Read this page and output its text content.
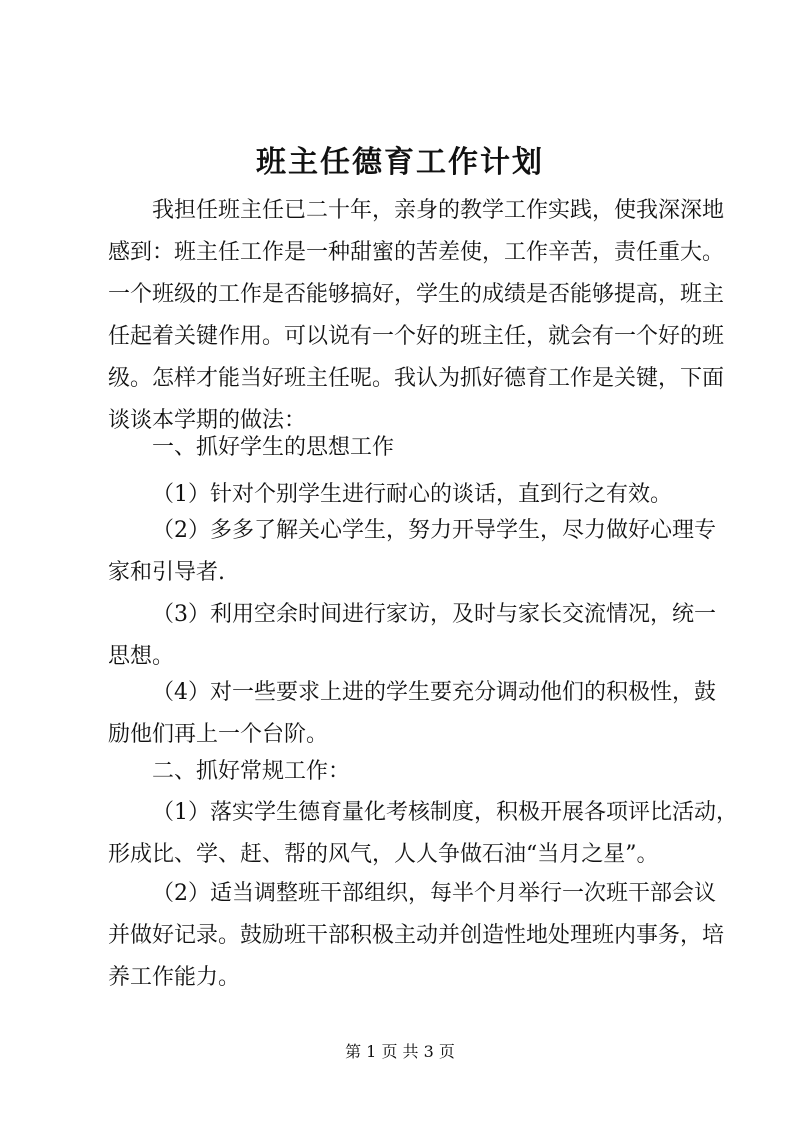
班主任德育工作计划
我担任班主任已二十年，亲身的教学工作实践，使我深深地
感到：班主任工作是一种甜蜜的苦差使，工作辛苦，责任重大。
一个班级的工作是否能够搞好，学生的成绩是否能够提高，班主
任起着关键作用。可以说有一个好的班主任，就会有一个好的班
级。怎样才能当好班主任呢。我认为抓好德育工作是关键，下面
谈谈本学期的做法：
一、抓好学生的思想工作
（1）针对个别学生进行耐心的谈话，直到行之有效。
（2）多多了解关心学生，努力开导学生，尽力做好心理专
家和引导者.
（3）利用空余时间进行家访，及时与家长交流情况，统一
思想。
（4）对一些要求上进的学生要充分调动他们的积极性，鼓
励他们再上一个台阶。
二、抓好常规工作：
（1）落实学生德育量化考核制度，积极开展各项评比活动，
形成比、学、赶、帮的风气，人人争做石油“当月之星”。
（2）适当调整班干部组织，每半个月举行一次班干部会议
并做好记录。鼓励班干部积极主动并创造性地处理班内事务，培
养工作能力。
第 1 页 共 3 页
